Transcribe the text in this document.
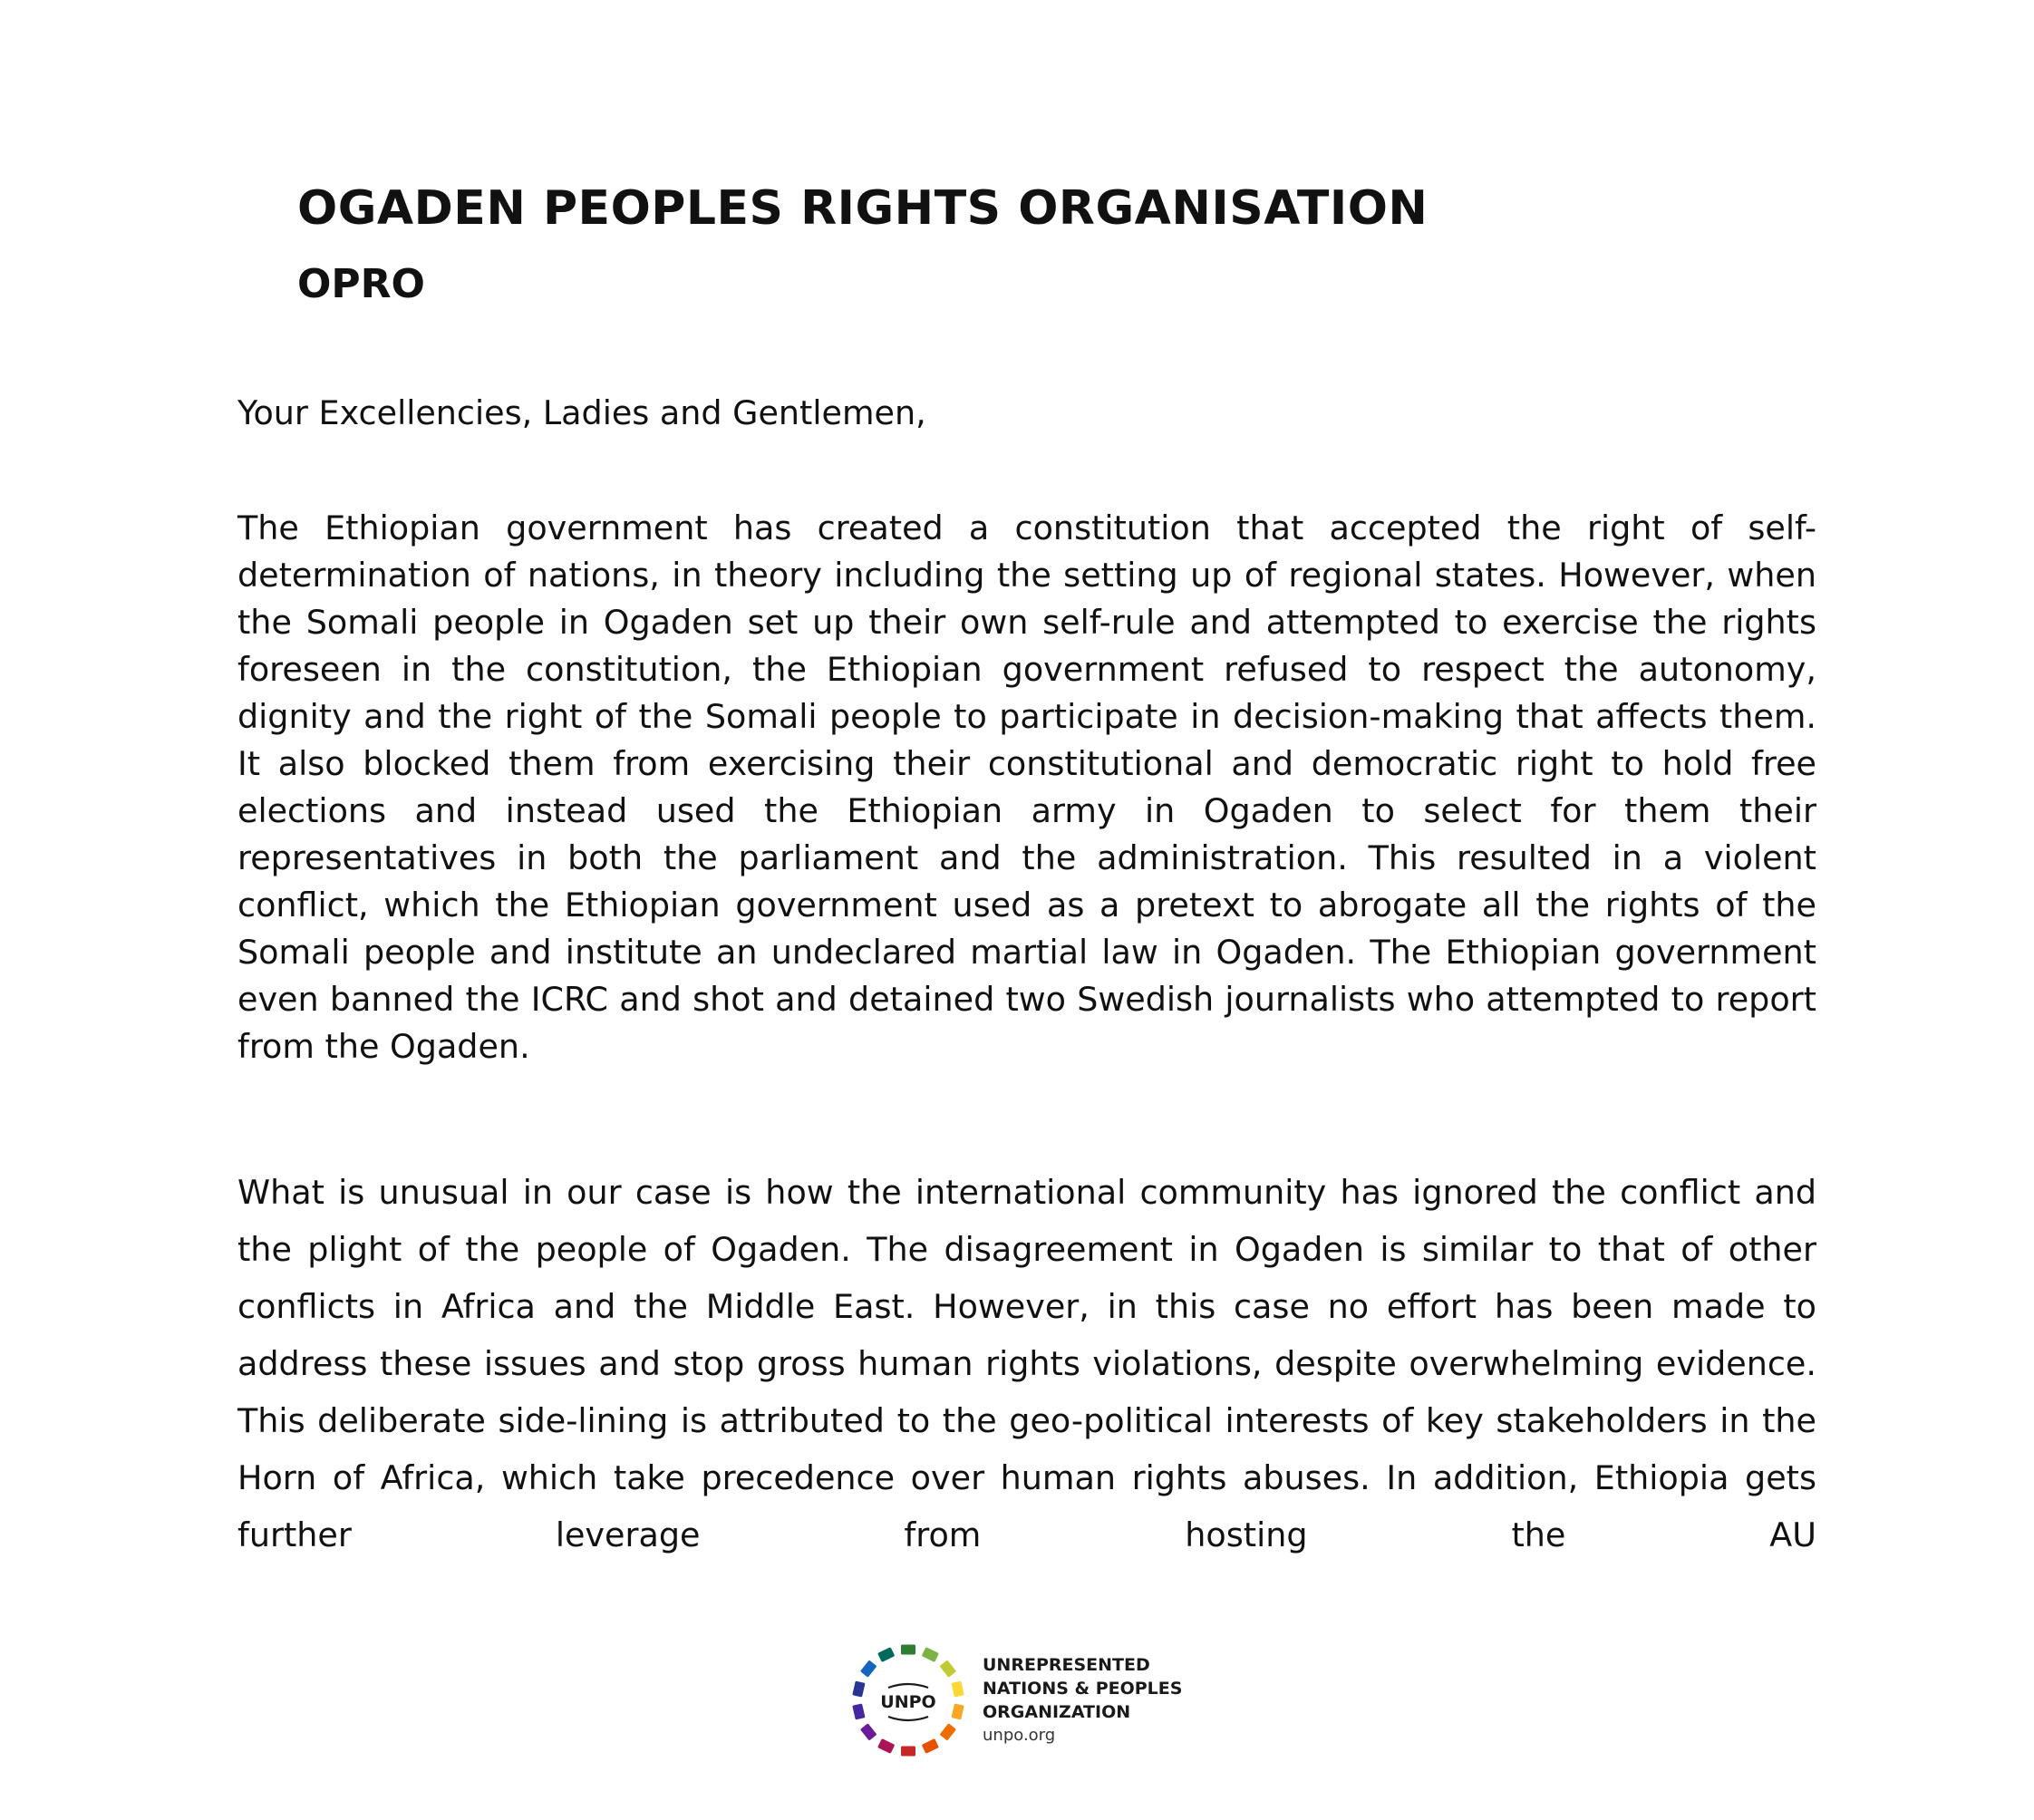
OGADEN PEOPLES RIGHTS ORGANISATION
OPRO

Your Excellencies, Ladies and Gentlemen,

The Ethiopian government has created a constitution that accepted the right of self-determination of nations, in theory including the setting up of regional states. However, when the Somali people in Ogaden set up their own self-rule and attempted to exercise the rights foreseen in the constitution, the Ethiopian government refused to respect the autonomy, dignity and the right of the Somali people to participate in decision-making that affects them. It also blocked them from exercising their constitutional and democratic right to hold free elections and instead used the Ethiopian army in Ogaden to select for them their representatives in both the parliament and the administration. This resulted in a violent conflict, which the Ethiopian government used as a pretext to abrogate all the rights of the Somali people and institute an undeclared martial law in Ogaden. The Ethiopian government even banned the ICRC and shot and detained two Swedish journalists who attempted to report from the Ogaden.

What is unusual in our case is how the international community has ignored the conflict and the plight of the people of Ogaden. The disagreement in Ogaden is similar to that of other conflicts in Africa and the Middle East. However, in this case no effort has been made to address these issues and stop gross human rights violations, despite overwhelming evidence. This deliberate side-lining is attributed to the geo-political interests of key stakeholders in the Horn of Africa, which take precedence over human rights abuses. In addition, Ethiopia gets further leverage from hosting the AU

UNPO
UNREPRESENTED
NATIONS & PEOPLES
ORGANIZATION
unpo.org
